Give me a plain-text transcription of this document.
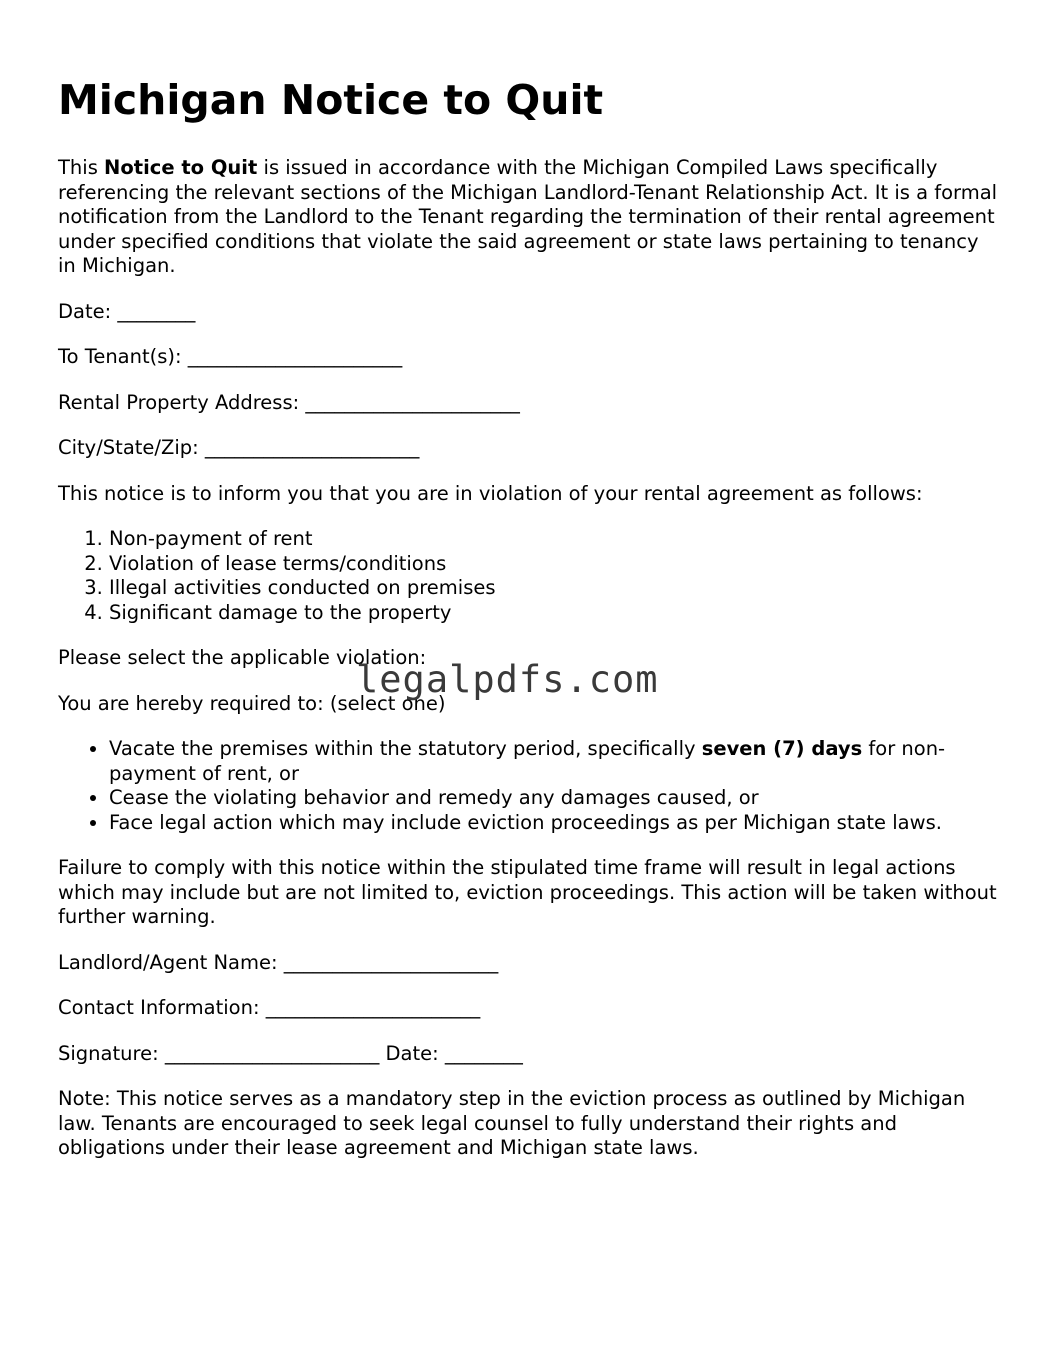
Michigan Notice to Quit

This Notice to Quit is issued in accordance with the Michigan Compiled Laws specifically referencing the relevant sections of the Michigan Landlord-Tenant Relationship Act. It is a formal notification from the Landlord to the Tenant regarding the termination of their rental agreement under specified conditions that violate the said agreement or state laws pertaining to tenancy in Michigan.

Date: ________

To Tenant(s): ______________________

Rental Property Address: ______________________

City/State/Zip: ______________________

This notice is to inform you that you are in violation of your rental agreement as follows:

1. Non-payment of rent
2. Violation of lease terms/conditions
3. Illegal activities conducted on premises
4. Significant damage to the property

Please select the applicable violation:

You are hereby required to: (select one)

• Vacate the premises within the statutory period, specifically seven (7) days for non-payment of rent, or
• Cease the violating behavior and remedy any damages caused, or
• Face legal action which may include eviction proceedings as per Michigan state laws.

Failure to comply with this notice within the stipulated time frame will result in legal actions which may include but are not limited to, eviction proceedings. This action will be taken without further warning.

Landlord/Agent Name: ______________________

Contact Information: ______________________

Signature: ______________________ Date: ________

Note: This notice serves as a mandatory step in the eviction process as outlined by Michigan law. Tenants are encouraged to seek legal counsel to fully understand their rights and obligations under their lease agreement and Michigan state laws.

legalpdfs.com
